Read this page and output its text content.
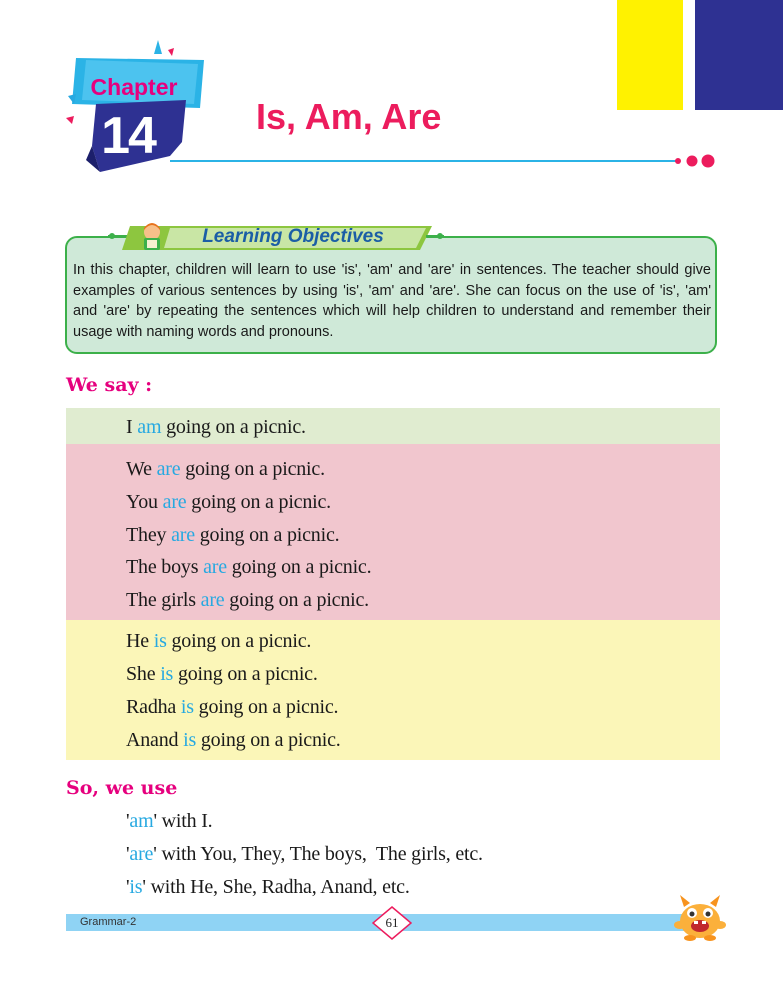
Chapter
14	Is, Am, Are
Learning Objectives
In this chapter, children will learn to use 'is', 'am' and 'are' in sentences. The teacher should give examples of various sentences by using 'is', 'am' and 'are'. She can focus on the use of 'is', 'am' and 'are' by repeating the sentences which will help children to understand and remember their usage with naming words and pronouns.
We say :
I am going on a picnic.
We are going on a picnic.
You are going on a picnic.
They are going on a picnic.
The boys are going on a picnic.
The girls are going on a picnic.
He is going on a picnic.
She is going on a picnic.
Radha is going on a picnic.
Anand is going on a picnic.
So, we use
'am' with I.
'are' with You, They, The boys,  The girls, etc.
'is' with He, She, Radha, Anand, etc.
Grammar-2	61
